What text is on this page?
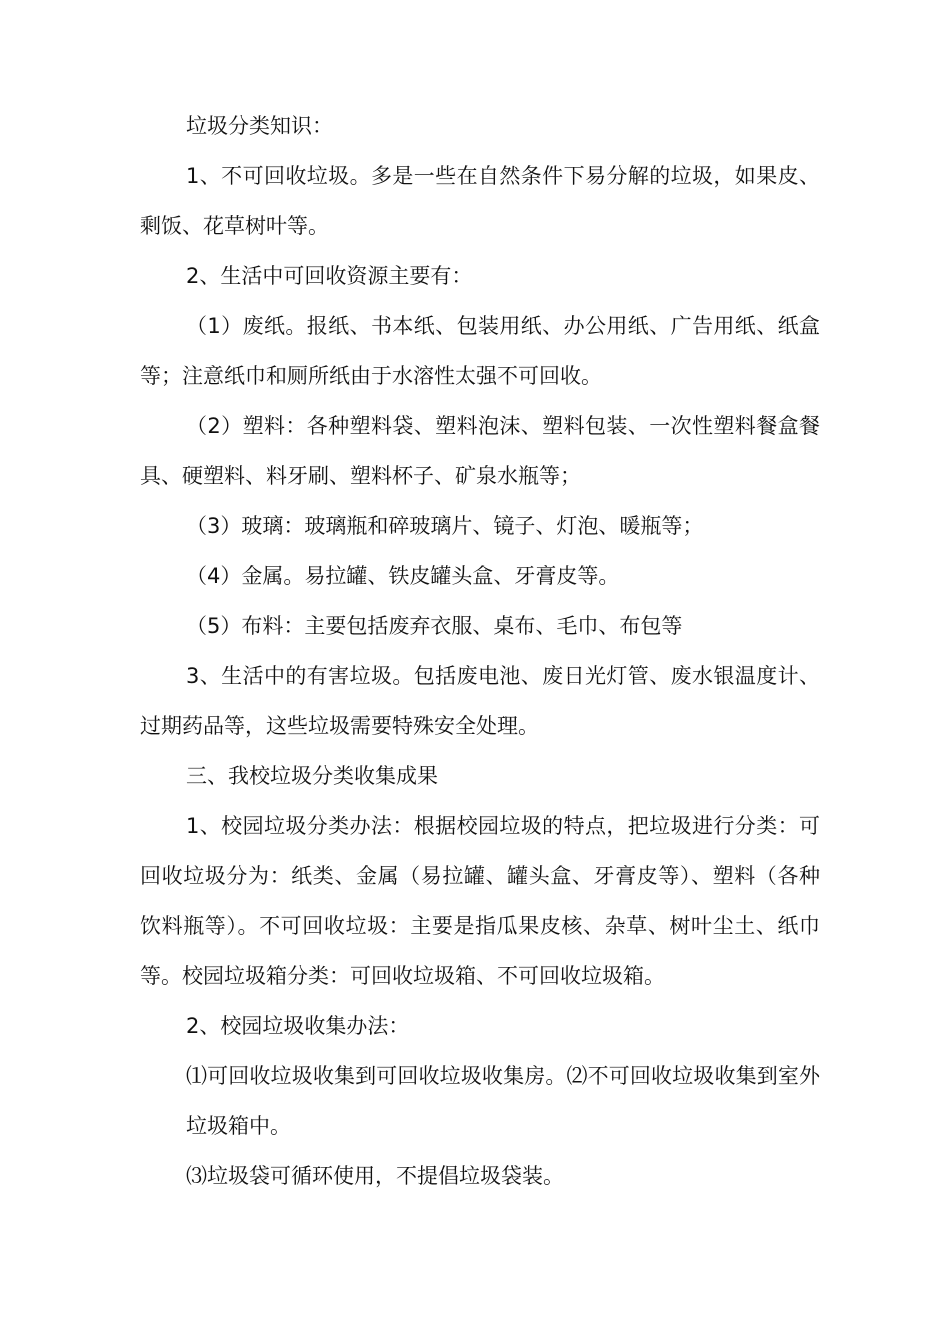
垃圾分类知识：

1、不可回收垃圾。多是一些在自然条件下易分解的垃圾，如果皮、剩饭、花草树叶等。

2、生活中可回收资源主要有：

（1）废纸。报纸、书本纸、包装用纸、办公用纸、广告用纸、纸盒等；注意纸巾和厕所纸由于水溶性太强不可回收。

（2）塑料：各种塑料袋、塑料泡沫、塑料包装、一次性塑料餐盒餐具、硬塑料、料牙刷、塑料杯子、矿泉水瓶等；

（3）玻璃：玻璃瓶和碎玻璃片、镜子、灯泡、暖瓶等；

（4）金属。易拉罐、铁皮罐头盒、牙膏皮等。

（5）布料：主要包括废弃衣服、桌布、毛巾、布包等

3、生活中的有害垃圾。包括废电池、废日光灯管、废水银温度计、过期药品等，这些垃圾需要特殊安全处理。

三、我校垃圾分类收集成果

1、校园垃圾分类办法：根据校园垃圾的特点，把垃圾进行分类：可回收垃圾分为：纸类、金属（易拉罐、罐头盒、牙膏皮等）、塑料（各种饮料瓶等）。不可回收垃圾：主要是指瓜果皮核、杂草、树叶尘土、纸巾等。校园垃圾箱分类：可回收垃圾箱、不可回收垃圾箱。

2、校园垃圾收集办法：

⑴可回收垃圾收集到可回收垃圾收集房。⑵不可回收垃圾收集到室外垃圾箱中。

⑶垃圾袋可循环使用，不提倡垃圾袋装。
